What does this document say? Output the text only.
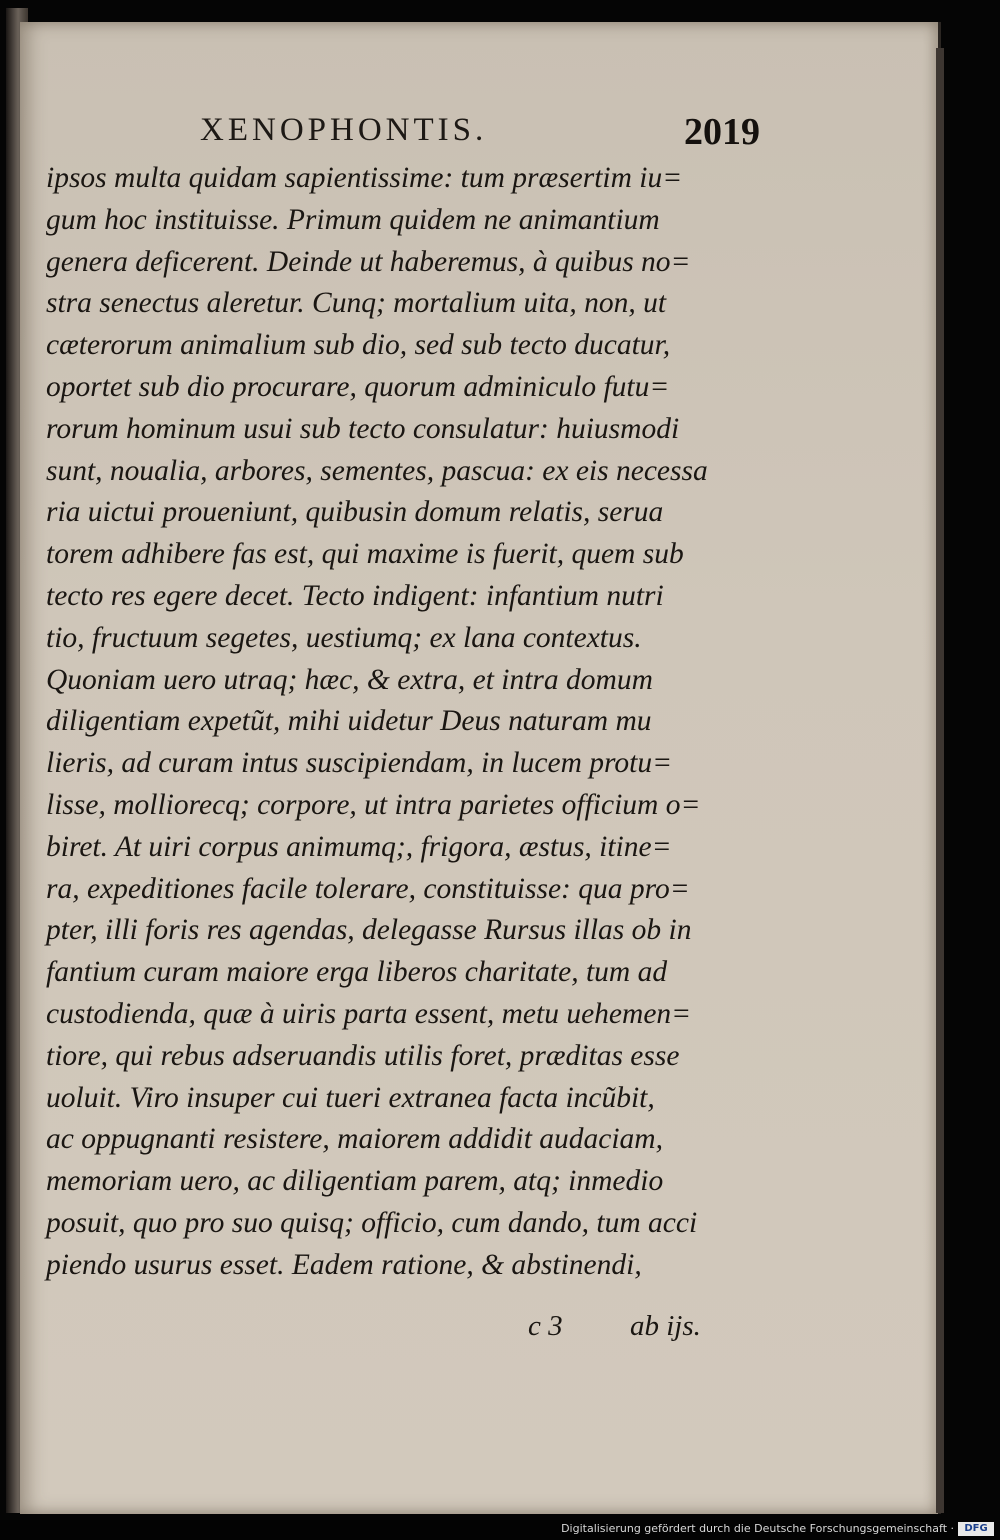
XENOPHONTIS.	2019
ipsos multa quidam sapientissime: tum præsertim iu=
gum hoc instituisse. Primum quidem ne animantium
genera deficerent. Deinde ut haberemus, à quibus no=
stra senectus aleretur. Cunq; mortalium uita, non, ut
cæterorum animalium sub dio, sed sub tecto ducatur,
oportet sub dio procurare, quorum adminiculo futu=
rorum hominum usui sub tecto consulatur: huiusmodi
sunt, noualia, arbores, sementes, pascua: ex eis necessa
ria uictui proueniunt, quibusin domum relatis, serua
torem adhibere fas est, qui maxime is fuerit, quem sub
tecto res egere decet. Tecto indigent: infantium nutri
tio, fructuum segetes, uestiumq; ex lana contextus.
Quoniam uero utraq; hæc, & extra, et intra domum
diligentiam expetũt, mihi uidetur Deus naturam mu
lieris, ad curam intus suscipiendam, in lucem protu=
lisse, molliorecq; corpore, ut intra parietes officium o=
biret. At uiri corpus animumq;, frigora, æstus, itine=
ra, expeditiones facile tolerare, constituisse: qua pro=
pter, illi foris res agendas, delegasse Rursus illas ob in
fantium curam maiore erga liberos charitate, tum ad
custodienda, quæ à uiris parta essent, metu uehemen=
tiore, qui rebus adseruandis utilis foret, præditas esse
uoluit. Viro insuper cui tueri extranea facta incũbit,
ac oppugnanti resistere, maiorem addidit audaciam,
memoriam uero, ac diligentiam parem, atq; inmedio
posuit, quo pro suo quisq; officio, cum dando, tum acci
piendo usurus esset. Eadem ratione, & abstinendi,
c 3 ab ijs.
Digitalisierung gefördert durch die Deutsche Forschungsgemeinschaft ·	DFG
